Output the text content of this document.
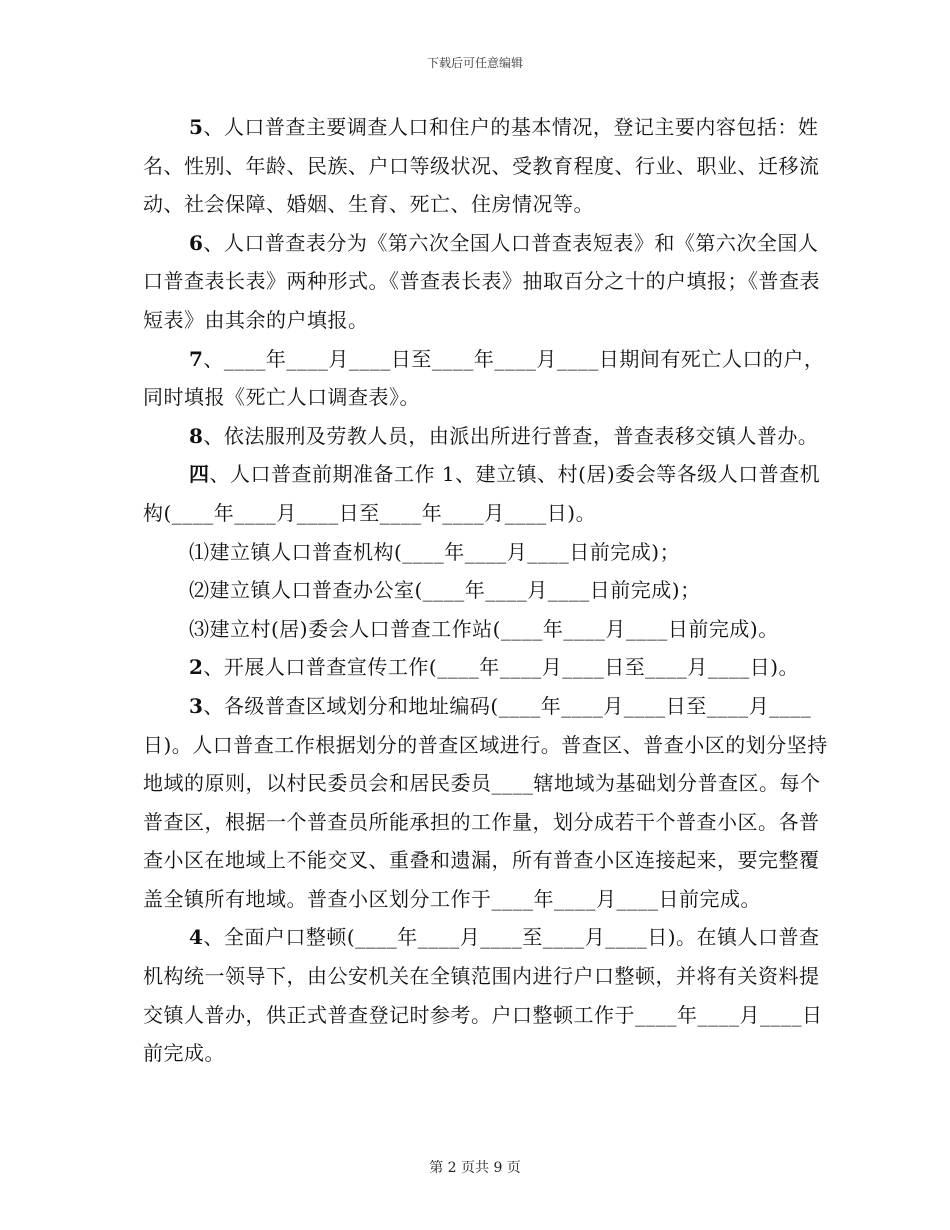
下载后可任意编辑

5、人口普查主要调查人口和住户的基本情况，登记主要内容包括：姓名、性别、年龄、民族、户口等级状况、受教育程度、行业、职业、迁移流动、社会保障、婚姻、生育、死亡、住房情况等。

6、人口普查表分为《第六次全国人口普查表短表》和《第六次全国人口普查表长表》两种形式。《普查表长表》抽取百分之十的户填报；《普查表短表》由其余的户填报。

7、____年____月____日至____年____月____日期间有死亡人口的户，同时填报《死亡人口调查表》。

8、依法服刑及劳教人员，由派出所进行普查，普查表移交镇人普办。

四、人口普查前期准备工作 1、建立镇、村(居)委会等各级人口普查机构(____年____月____日至____年____月____日)。

⑴建立镇人口普查机构(____年____月____日前完成)；

⑵建立镇人口普查办公室(____年____月____日前完成)；

⑶建立村(居)委会人口普查工作站(____年____月____日前完成)。

2、开展人口普查宣传工作(____年____月____日至____月____日)。

3、各级普查区域划分和地址编码(____年____月____日至____月____日)。人口普查工作根据划分的普查区域进行。普查区、普查小区的划分坚持地域的原则，以村民委员会和居民委员____辖地域为基础划分普查区。每个普查区，根据一个普查员所能承担的工作量，划分成若干个普查小区。各普查小区在地域上不能交叉、重叠和遗漏，所有普查小区连接起来，要完整覆盖全镇所有地域。普查小区划分工作于____年____月____日前完成。

4、全面户口整顿(____年____月____至____月____日)。在镇人口普查机构统一领导下，由公安机关在全镇范围内进行户口整顿，并将有关资料提交镇人普办，供正式普查登记时参考。户口整顿工作于____年____月____日前完成。

第 2 页共 9 页
